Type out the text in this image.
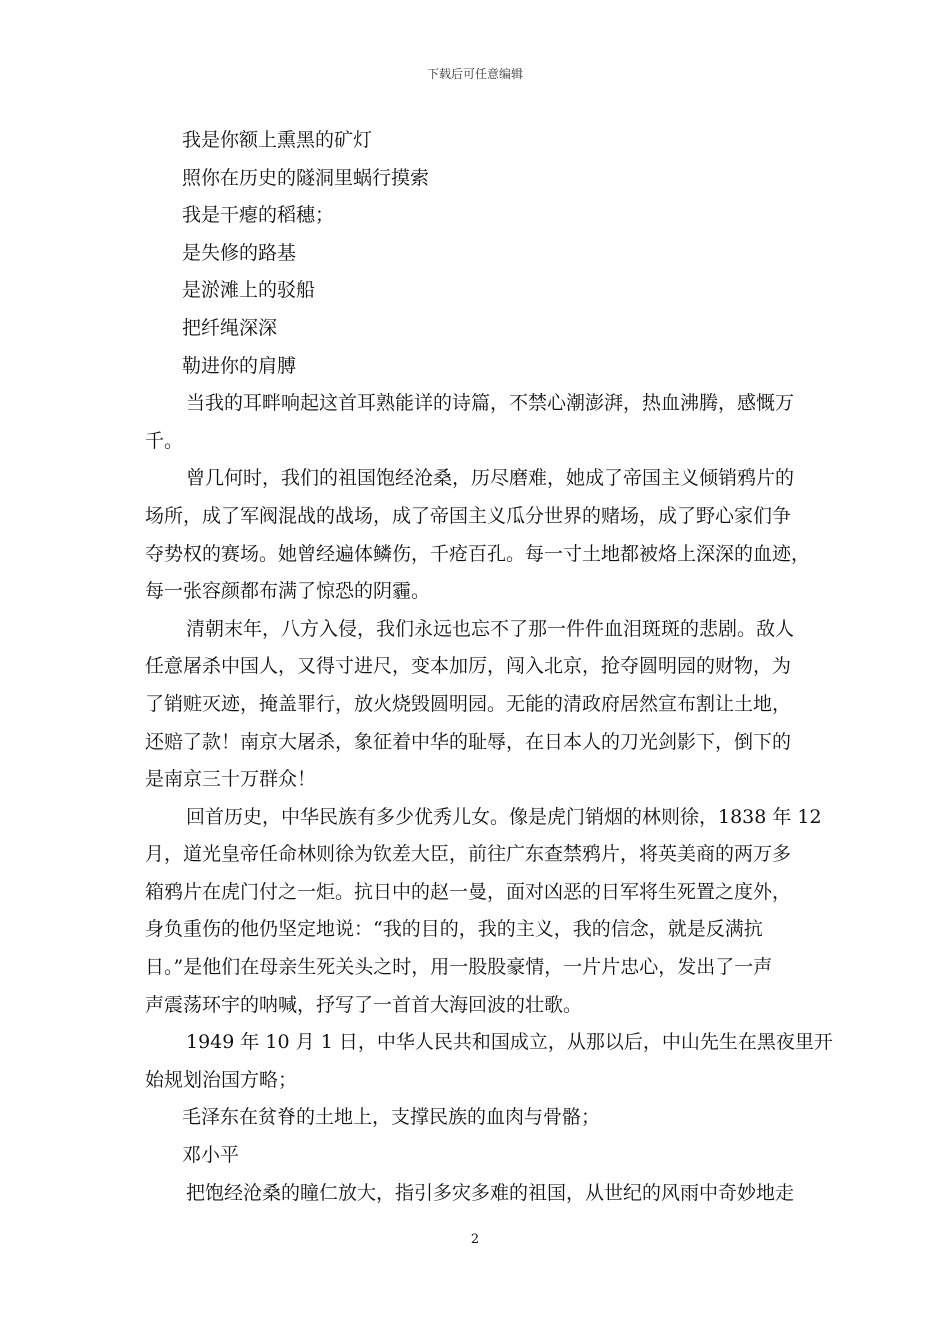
下载后可任意编辑
我是你额上熏黑的矿灯
照你在历史的隧洞里蜗行摸索
我是干瘪的稻穗；
是失修的路基
是淤滩上的驳船
把纤绳深深
勒进你的肩膊
当我的耳畔响起这首耳熟能详的诗篇，不禁心潮澎湃，热血沸腾，感慨万
千。
曾几何时，我们的祖国饱经沧桑，历尽磨难，她成了帝国主义倾销鸦片的
场所，成了军阀混战的战场，成了帝国主义瓜分世界的赌场，成了野心家们争
夺势权的赛场。她曾经遍体鳞伤，千疮百孔。每一寸土地都被烙上深深的血迹，
每一张容颜都布满了惊恐的阴霾。
清朝末年，八方入侵，我们永远也忘不了那一件件血泪斑斑的悲剧。敌人
任意屠杀中国人，又得寸进尺，变本加厉，闯入北京，抢夺圆明园的财物，为
了销赃灭迹，掩盖罪行，放火烧毁圆明园。无能的清政府居然宣布割让土地，
还赔了款！南京大屠杀，象征着中华的耻辱，在日本人的刀光剑影下，倒下的
是南京三十万群众！
回首历史，中华民族有多少优秀儿女。像是虎门销烟的林则徐，1838 年 12
月，道光皇帝任命林则徐为钦差大臣，前往广东查禁鸦片，将英美商的两万多
箱鸦片在虎门付之一炬。抗日中的赵一曼，面对凶恶的日军将生死置之度外，
身负重伤的他仍坚定地说：“我的目的，我的主义，我的信念，就是反满抗
日。”是他们在母亲生死关头之时，用一股股豪情，一片片忠心，发出了一声
声震荡环宇的呐喊，抒写了一首首大海回波的壮歌。
1949 年 10 月 1 日，中华人民共和国成立，从那以后，中山先生在黑夜里开
始规划治国方略；
毛泽东在贫脊的土地上，支撑民族的血肉与骨骼；
邓小平
把饱经沧桑的瞳仁放大，指引多灾多难的祖国，从世纪的风雨中奇妙地走
2
